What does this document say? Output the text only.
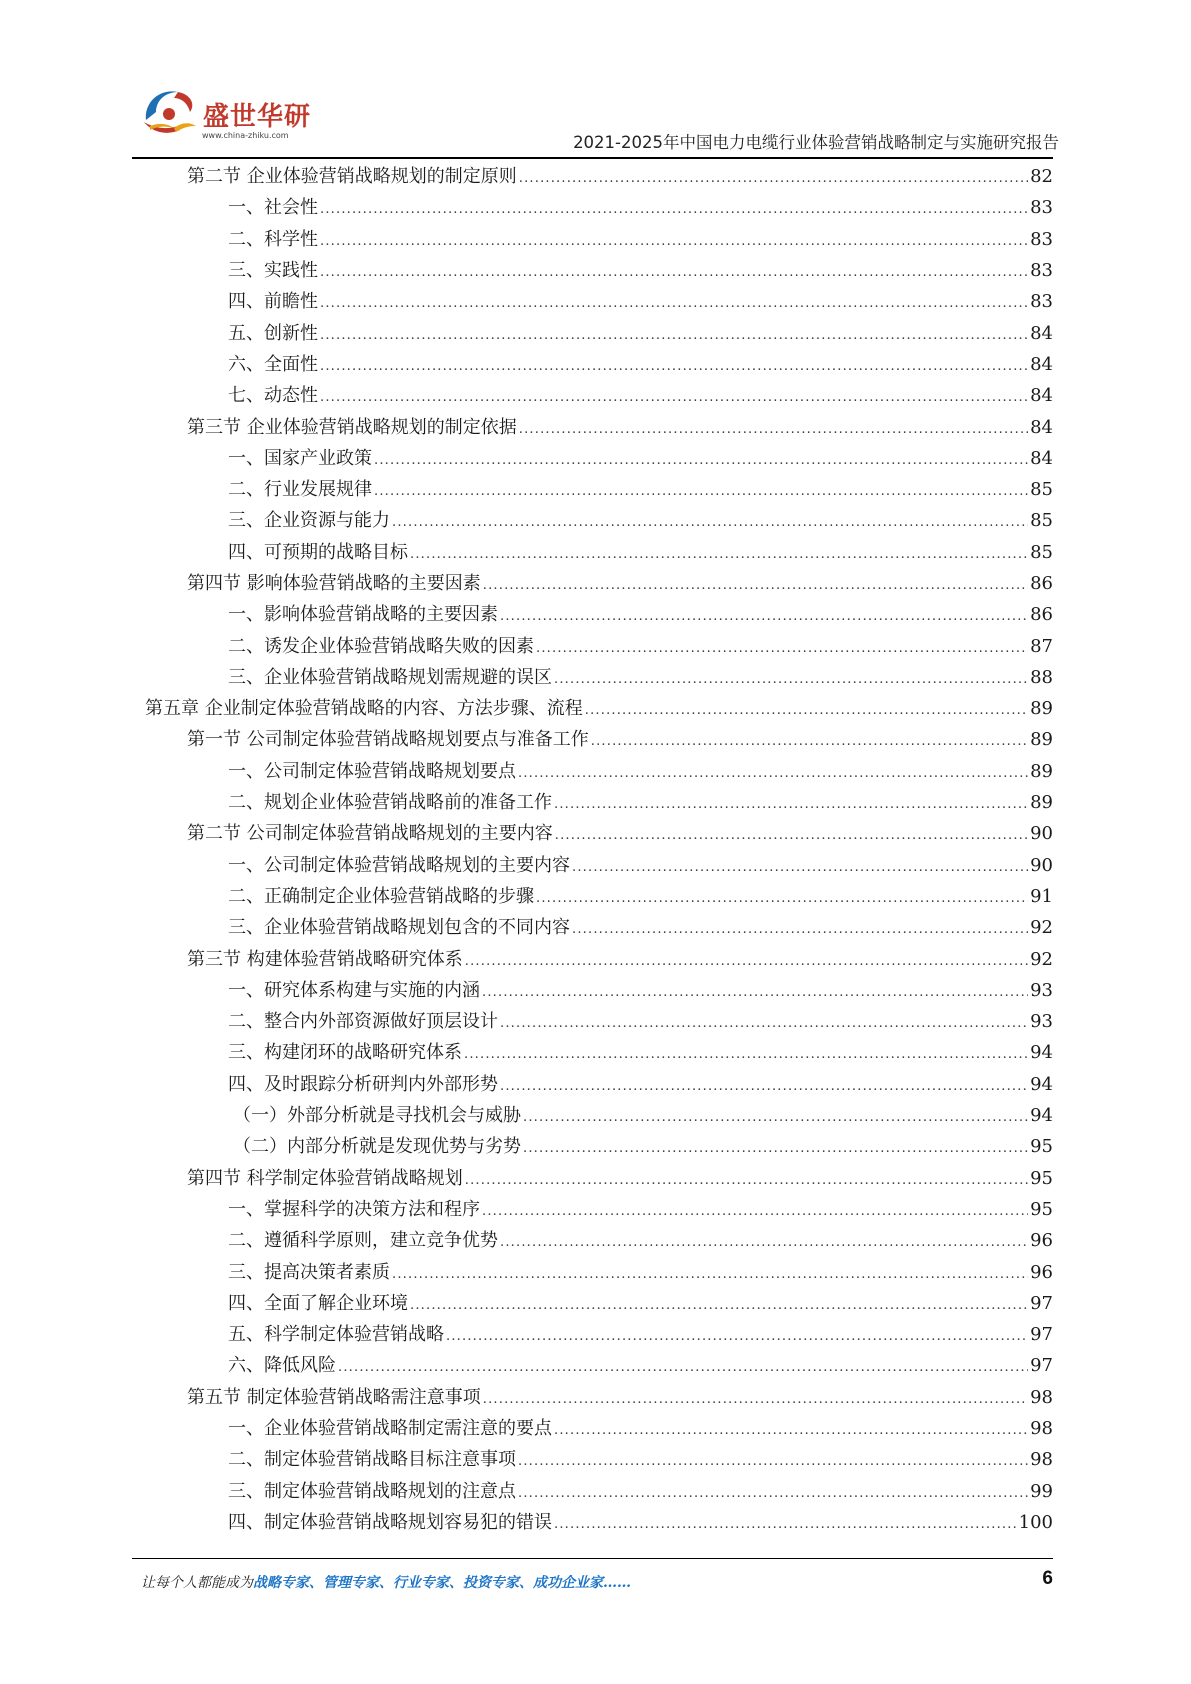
盛世华研
www.china-zhiku.com	2021-2025年中国电力电缆行业体验营销战略制定与实施研究报告
第二节 企业体验营销战略规划的制定原则 .....	82
一、社会性 .....	83
二、科学性 .....	83
三、实践性 .....	83
四、前瞻性 .....	83
五、创新性 .....	84
六、全面性 .....	84
七、动态性 .....	84
第三节 企业体验营销战略规划的制定依据 .....	84
一、国家产业政策 .....	84
二、行业发展规律 .....	85
三、企业资源与能力 .....	85
四、可预期的战略目标 .....	85
第四节 影响体验营销战略的主要因素 .....	86
一、影响体验营销战略的主要因素 .....	86
二、诱发企业体验营销战略失败的因素 .....	87
三、企业体验营销战略规划需规避的误区 .....	88
第五章 企业制定体验营销战略的内容、方法步骤、流程 .....	89
第一节 公司制定体验营销战略规划要点与准备工作 .....	89
一、公司制定体验营销战略规划要点 .....	89
二、规划企业体验营销战略前的准备工作 .....	89
第二节 公司制定体验营销战略规划的主要内容 .....	90
一、公司制定体验营销战略规划的主要内容 .....	90
二、正确制定企业体验营销战略的步骤 .....	91
三、企业体验营销战略规划包含的不同内容 .....	92
第三节 构建体验营销战略研究体系 .....	92
一、研究体系构建与实施的内涵 .....	93
二、整合内外部资源做好顶层设计 .....	93
三、构建闭环的战略研究体系 .....	94
四、及时跟踪分析研判内外部形势 .....	94
（一）外部分析就是寻找机会与威胁 .....	94
（二）内部分析就是发现优势与劣势 .....	95
第四节 科学制定体验营销战略规划 .....	95
一、掌握科学的决策方法和程序 .....	95
二、遵循科学原则，建立竞争优势 .....	96
三、提高决策者素质 .....	96
四、全面了解企业环境 .....	97
五、科学制定体验营销战略 .....	97
六、降低风险 .....	97
第五节 制定体验营销战略需注意事项 .....	98
一、企业体验营销战略制定需注意的要点 .....	98
二、制定体验营销战略目标注意事项 .....	98
三、制定体验营销战略规划的注意点 .....	99
四、制定体验营销战略规划容易犯的错误 .....	100
让每个人都能成为战略专家、管理专家、行业专家、投资专家、成功企业家……	6
